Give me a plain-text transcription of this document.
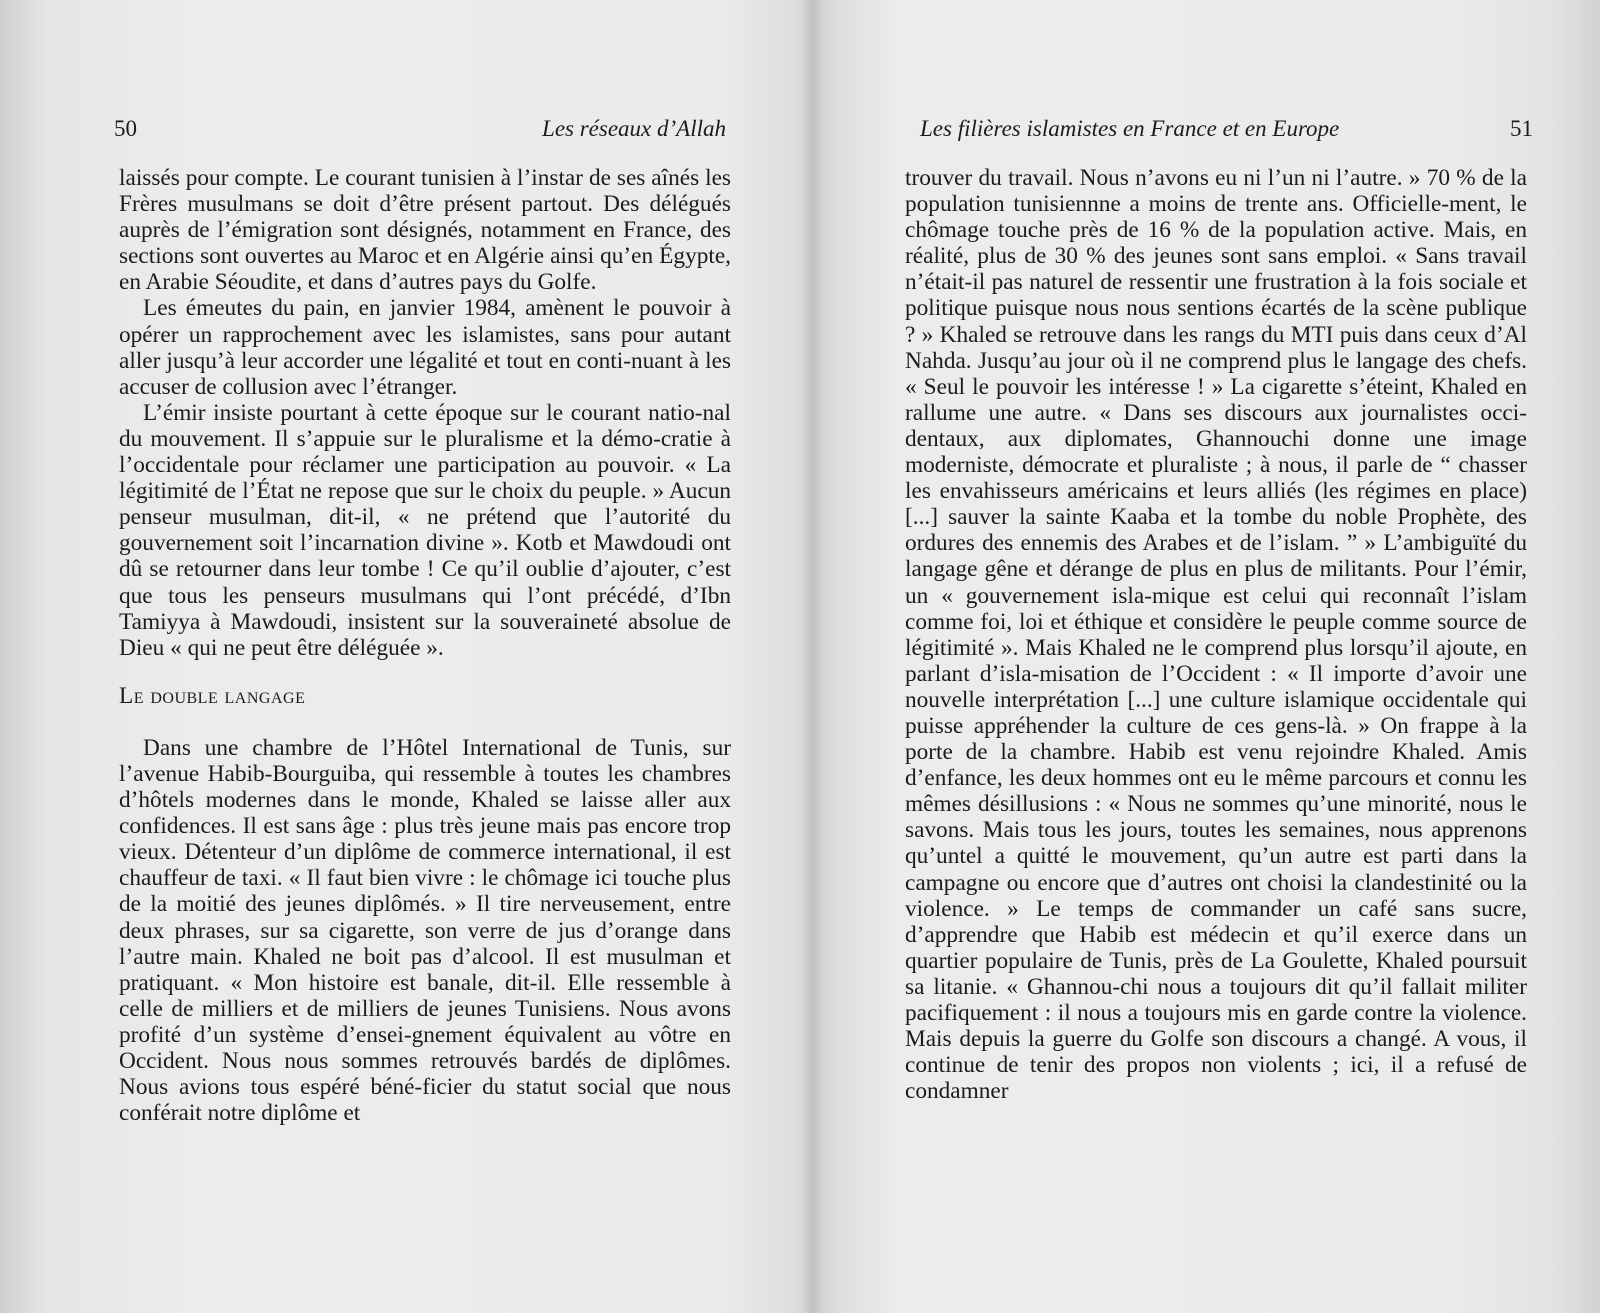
50	Les réseaux d’Allah

laissés pour compte. Le courant tunisien à l’instar de ses aînés les Frères musulmans se doit d’être présent partout. Des délégués auprès de l’émigration sont désignés, notamment en France, des sections sont ouvertes au Maroc et en Algérie ainsi qu’en Égypte, en Arabie Séoudite, et dans d’autres pays du Golfe.

Les émeutes du pain, en janvier 1984, amènent le pouvoir à opérer un rapprochement avec les islamistes, sans pour autant aller jusqu’à leur accorder une légalité et tout en conti-nuant à les accuser de collusion avec l’étranger.

L’émir insiste pourtant à cette époque sur le courant natio-nal du mouvement. Il s’appuie sur le pluralisme et la démo-cratie à l’occidentale pour réclamer une participation au pouvoir. « La légitimité de l’État ne repose que sur le choix du peuple. » Aucun penseur musulman, dit-il, « ne prétend que l’autorité du gouvernement soit l’incarnation divine ». Kotb et Mawdoudi ont dû se retourner dans leur tombe ! Ce qu’il oublie d’ajouter, c’est que tous les penseurs musulmans qui l’ont précédé, d’Ibn Tamiyya à Mawdoudi, insistent sur la souveraineté absolue de Dieu « qui ne peut être déléguée ».

Le double langage

Dans une chambre de l’Hôtel International de Tunis, sur l’avenue Habib-Bourguiba, qui ressemble à toutes les chambres d’hôtels modernes dans le monde, Khaled se laisse aller aux confidences. Il est sans âge : plus très jeune mais pas encore trop vieux. Détenteur d’un diplôme de commerce international, il est chauffeur de taxi. « Il faut bien vivre : le chômage ici touche plus de la moitié des jeunes diplômés. » Il tire nerveusement, entre deux phrases, sur sa cigarette, son verre de jus d’orange dans l’autre main. Khaled ne boit pas d’alcool. Il est musulman et pratiquant. « Mon histoire est banale, dit-il. Elle ressemble à celle de milliers et de milliers de jeunes Tunisiens. Nous avons profité d’un système d’ensei-gnement équivalent au vôtre en Occident. Nous nous sommes retrouvés bardés de diplômes. Nous avions tous espéré béné-ficier du statut social que nous conférait notre diplôme et

Les filières islamistes en France et en Europe	51

trouver du travail. Nous n’avons eu ni l’un ni l’autre. » 70 % de la population tunisiennne a moins de trente ans. Officielle-ment, le chômage touche près de 16 % de la population active. Mais, en réalité, plus de 30 % des jeunes sont sans emploi. « Sans travail n’était-il pas naturel de ressentir une frustration à la fois sociale et politique puisque nous nous sentions écartés de la scène publique ? » Khaled se retrouve dans les rangs du MTI puis dans ceux d’Al Nahda. Jusqu’au jour où il ne comprend plus le langage des chefs. « Seul le pouvoir les intéresse ! » La cigarette s’éteint, Khaled en rallume une autre. « Dans ses discours aux journalistes occi-dentaux, aux diplomates, Ghannouchi donne une image moderniste, démocrate et pluraliste ; à nous, il parle de “ chasser les envahisseurs américains et leurs alliés (les régimes en place) [...] sauver la sainte Kaaba et la tombe du noble Prophète, des ordures des ennemis des Arabes et de l’islam. ” » L’ambiguïté du langage gêne et dérange de plus en plus de militants. Pour l’émir, un « gouvernement isla-mique est celui qui reconnaît l’islam comme foi, loi et éthique et considère le peuple comme source de légitimité ». Mais Khaled ne le comprend plus lorsqu’il ajoute, en parlant d’isla-misation de l’Occident : « Il importe d’avoir une nouvelle interprétation [...] une culture islamique occidentale qui puisse appréhender la culture de ces gens-là. » On frappe à la porte de la chambre. Habib est venu rejoindre Khaled. Amis d’enfance, les deux hommes ont eu le même parcours et connu les mêmes désillusions : « Nous ne sommes qu’une minorité, nous le savons. Mais tous les jours, toutes les semaines, nous apprenons qu’untel a quitté le mouvement, qu’un autre est parti dans la campagne ou encore que d’autres ont choisi la clandestinité ou la violence. » Le temps de commander un café sans sucre, d’apprendre que Habib est médecin et qu’il exerce dans un quartier populaire de Tunis, près de La Goulette, Khaled poursuit sa litanie. « Ghannou-chi nous a toujours dit qu’il fallait militer pacifiquement : il nous a toujours mis en garde contre la violence. Mais depuis la guerre du Golfe son discours a changé. A vous, il continue de tenir des propos non violents ; ici, il a refusé de condamner
